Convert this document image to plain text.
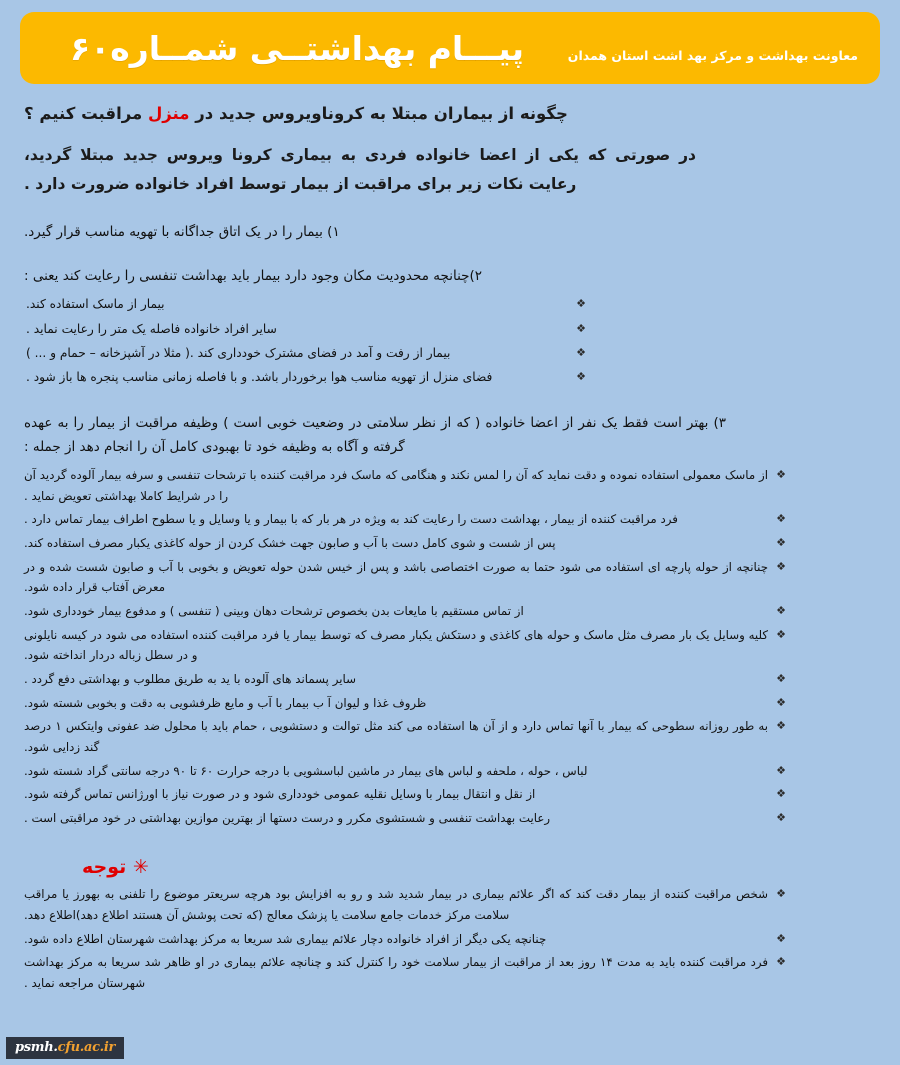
معاونت بهداشت و مرکز بهد اشت استان همدان
پیـــام بهداشتــی شمــاره۶۰
چگونه از بیماران مبتلا به کروناویروس جدید در منزل مراقبت کنیم ؟

در صورتی که یکی از اعضا خانواده فردی به بیماری کرونا ویروس جدید مبتلا گردید، رعایت نکات زیر برای مراقبت از بیمار توسط افراد خانواده ضرورت دارد .

۱) بیمار را در یک اتاق جداگانه با تهویه مناسب قرار گیرد.
۲)چنانچه محدودیت مکان وجود دارد بیمار باید بهداشت تنفسی را رعایت کند یعنی :
❖
بیمار از ماسک استفاده کند.
❖
سایر افراد خانواده فاصله یک متر را رعایت نماید .
❖
بیمار از رفت و آمد در فضای مشترک خودداری کند .( مثلا در آشپزخانه – حمام و ... )
❖
فضای منزل از تهویه مناسب هوا برخوردار باشد. و با فاصله زمانی مناسب پنجره ها باز شود .
۳) بهتر است فقط یک نفر از اعضا خانواده ( که از نظر سلامتی در وضعیت خوبی است ) وظیفه مراقبت از بیمار را به عهده گرفته و آگاه به وظیفه خود تا بهبودی کامل آن را انجام دهد از جمله :
❖
از ماسک معمولی استفاده نموده و دقت نماید که آن را لمس نکند و هنگامی که ماسک فرد مراقبت کننده با ترشحات تنفسی و سرفه بیمار آلوده گردید آن را در شرایط کاملا بهداشتی تعویض نماید .
❖
فرد مراقبت کننده از بیمار ، بهداشت دست را رعایت کند به ویژه در هر بار که با بیمار و یا وسایل و یا سطوح اطراف بیمار تماس دارد .
❖
پس از شست و شوی کامل دست با آب و صابون جهت خشک کردن از حوله کاغذی یکبار مصرف استفاده کند.
❖
چنانچه از حوله پارچه ای استفاده می شود حتما به صورت اختصاصی باشد و پس از خیس شدن حوله تعویض و بخوبی با آب و صابون شست شده و در معرض آفتاب قرار داده شود.
❖
از تماس مستقیم با مایعات بدن بخصوص ترشحات دهان وبینی ( تنفسی ) و مدفوع بیمار خودداری شود.
❖
کلیه وسایل یک بار مصرف مثل ماسک و حوله های کاغذی و دستکش یکبار مصرف که توسط بیمار یا فرد مراقبت کننده استفاده می شود در کیسه نایلونی و در سطل زباله دردار انداخته شود.
❖
سایر پسماند های آلوده با ید به طریق مطلوب و بهداشتی دفع گردد .
❖
ظروف غذا و لیوان آ ب بیمار با آب و مایع ظرفشویی به دقت و بخوبی شسته شود.
❖
به طور روزانه سطوحی که بیمار با آنها تماس دارد و از آن ها استفاده می کند مثل توالت و دستشویی ، حمام باید با محلول ضد عفونی وایتکس ۱ درصد گند زدایی شود.
❖
لباس ، حوله ، ملحفه و لباس های بیمار در ماشین لباسشویی با درجه حرارت ۶۰ تا ۹۰ درجه سانتی گراد شسته شود.
❖
از نقل و انتقال بیمار با وسایل نقلیه عمومی خودداری شود و در صورت نیاز با اورژانس تماس گرفته شود.
❖
رعایت بهداشت تنفسی و شستشوی مکرر و درست دستها از بهترین موازین بهداشتی در خود مراقبتی است .
✳ توجه
❖
شخص مراقبت کننده از بیمار دقت کند که اگر علائم بیماری در بیمار شدید شد و رو به افزایش بود هرچه سریعتر موضوع را تلفنی به بهورز یا مراقب سلامت مرکز خدمات جامع سلامت یا پزشک معالج (که تحت پوشش آن هستند اطلاع دهد)اطلاع دهد.
❖
چنانچه یکی دیگر از افراد خانواده دچار علائم بیماری شد سریعا به مرکز بهداشت شهرستان اطلاع داده شود.
❖
فرد مراقبت کننده باید به مدت ۱۴ روز بعد از مراقبت از بیمار سلامت خود را کنترل کند و چنانچه علائم بیماری در او ظاهر شد سریعا به مرکز بهداشت شهرستان مراجعه نماید .
psmh.cfu.ac.ir
